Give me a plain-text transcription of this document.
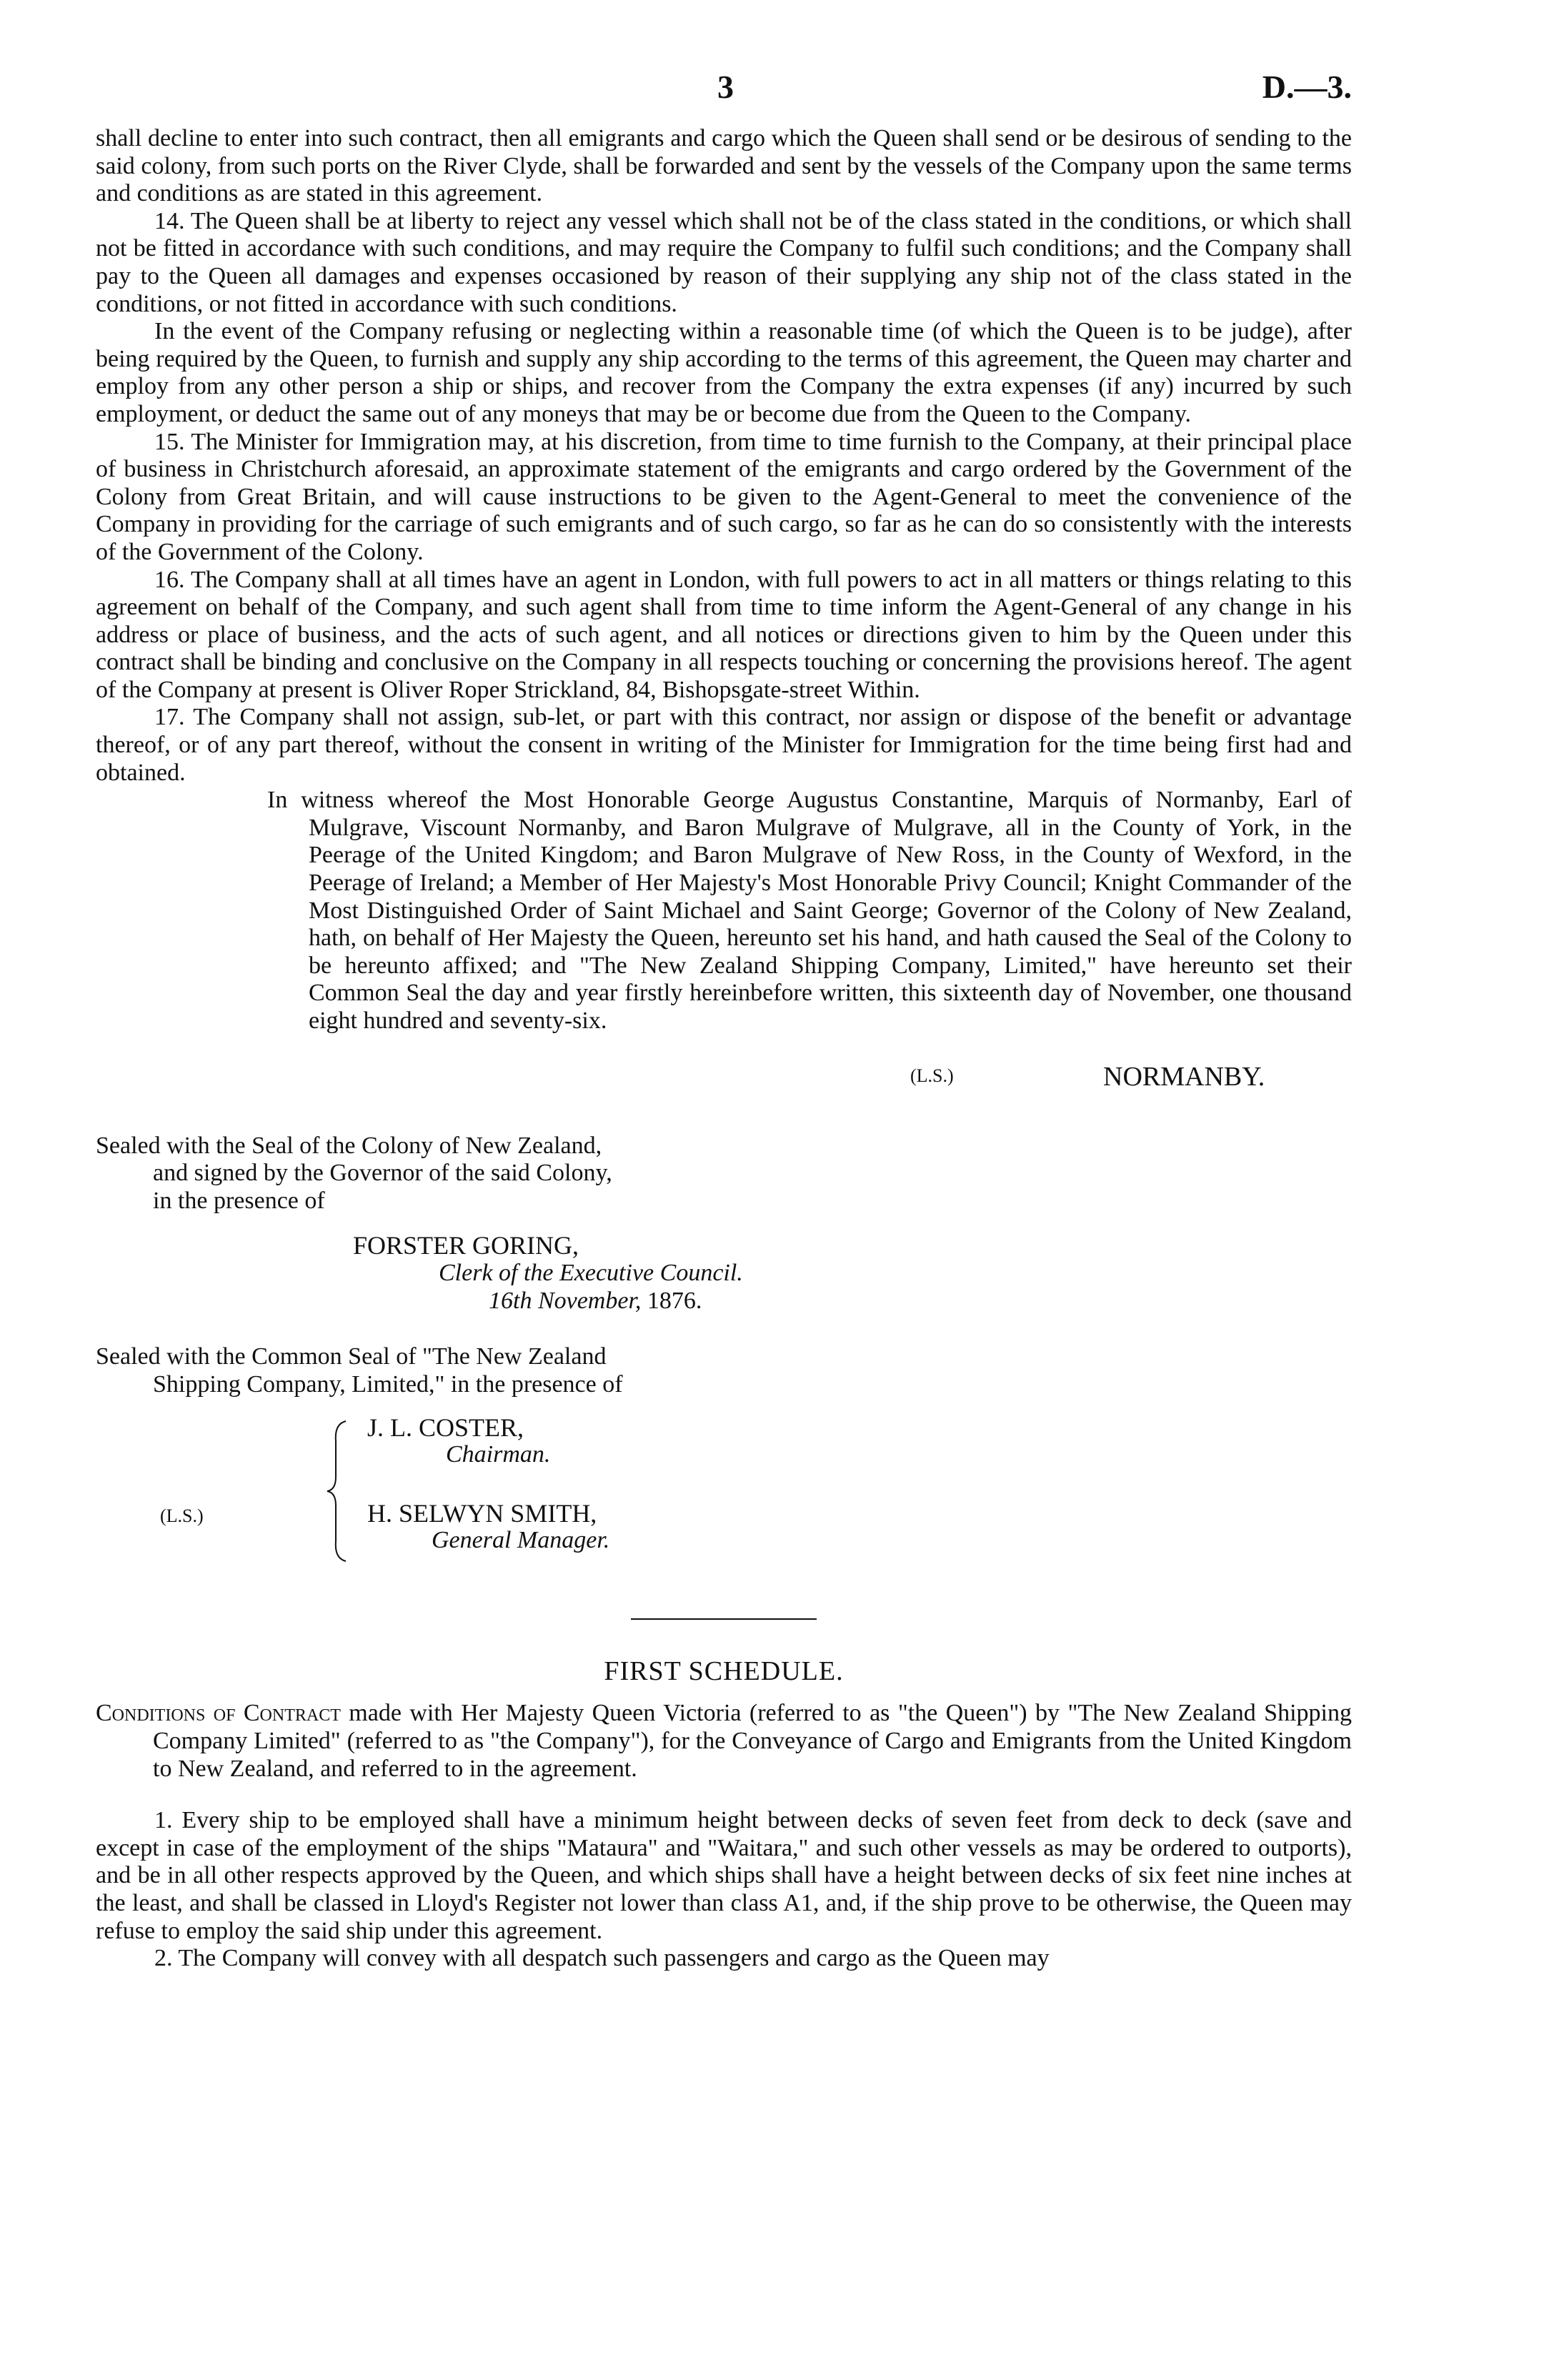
3	D.—3.

shall decline to enter into such contract, then all emigrants and cargo which the Queen shall send or be desirous of sending to the said colony, from such ports on the River Clyde, shall be forwarded and sent by the vessels of the Company upon the same terms and conditions as are stated in this agreement.

14. The Queen shall be at liberty to reject any vessel which shall not be of the class stated in the conditions, or which shall not be fitted in accordance with such conditions, and may require the Company to fulfil such conditions; and the Company shall pay to the Queen all damages and expenses occasioned by reason of their supplying any ship not of the class stated in the conditions, or not fitted in accordance with such conditions.

In the event of the Company refusing or neglecting within a reasonable time (of which the Queen is to be judge), after being required by the Queen, to furnish and supply any ship according to the terms of this agreement, the Queen may charter and employ from any other person a ship or ships, and recover from the Company the extra expenses (if any) incurred by such employment, or deduct the same out of any moneys that may be or become due from the Queen to the Company.

15. The Minister for Immigration may, at his discretion, from time to time furnish to the Company, at their principal place of business in Christchurch aforesaid, an approximate statement of the emigrants and cargo ordered by the Government of the Colony from Great Britain, and will cause instructions to be given to the Agent-General to meet the convenience of the Company in providing for the carriage of such emigrants and of such cargo, so far as he can do so consistently with the interests of the Government of the Colony.

16. The Company shall at all times have an agent in London, with full powers to act in all matters or things relating to this agreement on behalf of the Company, and such agent shall from time to time inform the Agent-General of any change in his address or place of business, and the acts of such agent, and all notices or directions given to him by the Queen under this contract shall be binding and conclusive on the Company in all respects touching or concerning the provisions hereof. The agent of the Company at present is Oliver Roper Strickland, 84, Bishopsgate-street Within.

17. The Company shall not assign, sub-let, or part with this contract, nor assign or dispose of the benefit or advantage thereof, or of any part thereof, without the consent in writing of the Minister for Immigration for the time being first had and obtained.

In witness whereof the Most Honorable George Augustus Constantine, Marquis of Normanby, Earl of Mulgrave, Viscount Normanby, and Baron Mulgrave of Mulgrave, all in the County of York, in the Peerage of the United Kingdom; and Baron Mulgrave of New Ross, in the County of Wexford, in the Peerage of Ireland; a Member of Her Majesty's Most Honorable Privy Council; Knight Commander of the Most Distinguished Order of Saint Michael and Saint George; Governor of the Colony of New Zealand, hath, on behalf of Her Majesty the Queen, hereunto set his hand, and hath caused the Seal of the Colony to be hereunto affixed; and "The New Zealand Shipping Company, Limited," have hereunto set their Common Seal the day and year firstly hereinbefore written, this sixteenth day of November, one thousand eight hundred and seventy-six.

(L.S.)	NORMANBY.
Sealed with the Seal of the Colony of New Zealand,
and signed by the Governor of the said Colony,
in the presence of
FORSTER GORING,
Clerk of the Executive Council.
16th November, 1876.
Sealed with the Common Seal of "The New Zealand
Shipping Company, Limited," in the presence of
(L.S.)
J. L. COSTER,
Chairman.
H. SELWYN SMITH,
General Manager.
FIRST SCHEDULE.

Conditions of Contract made with Her Majesty Queen Victoria (referred to as "the Queen") by "The New Zealand Shipping Company Limited" (referred to as "the Company"), for the Conveyance of Cargo and Emigrants from the United Kingdom to New Zealand, and referred to in the agreement.

1. Every ship to be employed shall have a minimum height between decks of seven feet from deck to deck (save and except in case of the employment of the ships "Mataura" and "Waitara," and such other vessels as may be ordered to outports), and be in all other respects approved by the Queen, and which ships shall have a height between decks of six feet nine inches at the least, and shall be classed in Lloyd's Register not lower than class A1, and, if the ship prove to be otherwise, the Queen may refuse to employ the said ship under this agreement.

2. The Company will convey with all despatch such passengers and cargo as the Queen may
